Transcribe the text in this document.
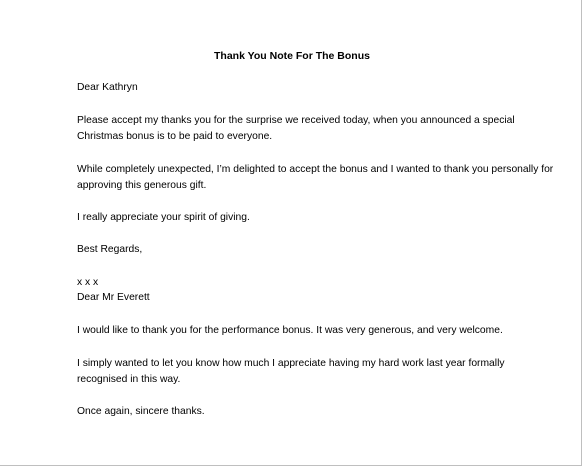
Thank You Note For The Bonus
Dear Kathryn
Please accept my thanks you for the surprise we received today, when you announced a special
Christmas bonus is to be paid to everyone.
While completely unexpected, I’m delighted to accept the bonus and I wanted to thank you personally for
approving this generous gift.
I really appreciate your spirit of giving.
Best Regards,
x x x
Dear Mr Everett
I would like to thank you for the performance bonus. It was very generous, and very welcome.
I simply wanted to let you know how much I appreciate having my hard work last year formally
recognised in this way.
Once again, sincere thanks.
